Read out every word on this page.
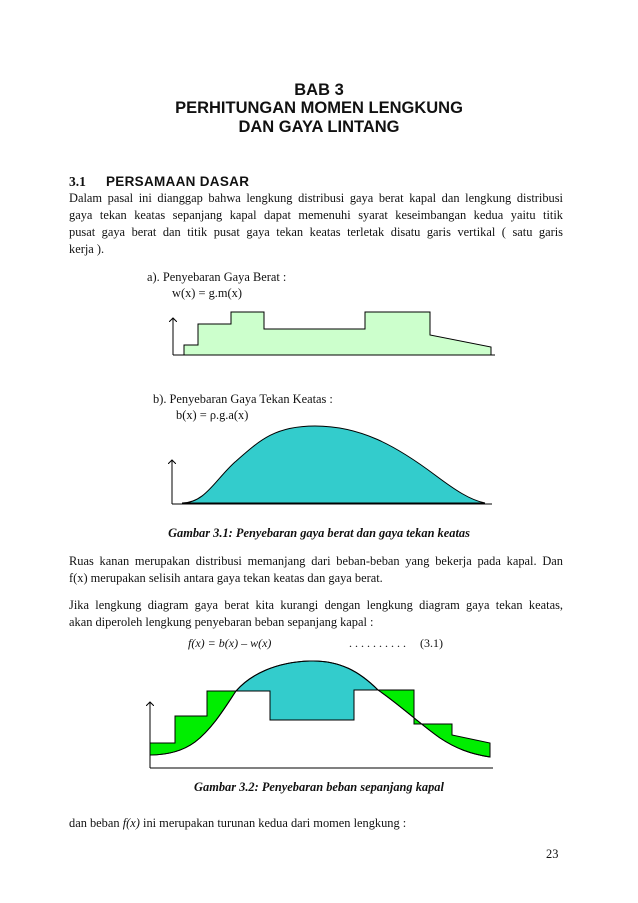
BAB 3
PERHITUNGAN MOMEN LENGKUNG
DAN GAYA LINTANG
3.1 PERSAMAAN DASAR

Dalam pasal ini dianggap bahwa lengkung distribusi gaya berat kapal dan lengkung distribusi

gaya tekan keatas sepanjang kapal dapat memenuhi syarat keseimbangan kedua yaitu titik

pusat gaya berat dan titik pusat gaya tekan keatas terletak disatu garis vertikal ( satu garis

kerja ).

a). Penyebaran Gaya Berat :
w(x) = g.m(x)
b). Penyebaran Gaya Tekan Keatas :
b(x) = ρ.g.a(x)
Gambar 3.1: Penyebaran gaya berat dan gaya tekan keatas

Ruas kanan merupakan distribusi memanjang dari beban-beban yang bekerja pada kapal. Dan

f(x) merupakan selisih antara gaya tekan keatas dan gaya berat.

Jika lengkung diagram gaya berat kita kurangi dengan lengkung diagram gaya tekan keatas,

akan diperoleh lengkung penyebaran beban sepanjang kapal :

f(x) = b(x) – w(x)	. . . . . . . . . . (3.1)
Gambar 3.2: Penyebaran beban sepanjang kapal
dan beban f(x) ini merupakan turunan kedua dari momen lengkung :
23
